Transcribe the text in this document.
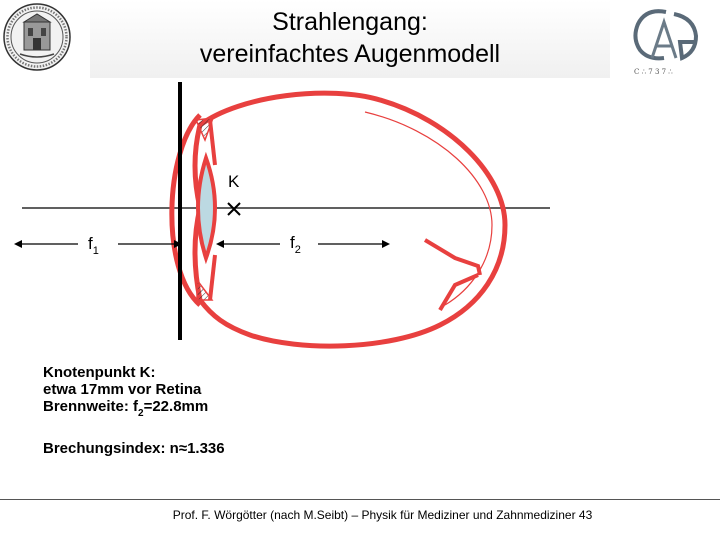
Strahlengang:
vereinfachtes Augenmodell
C ∴ 7 3 7 ∴
K
$f_1$	$f_2$
Knotenpunkt K:
etwa 17mm vor Retina
Brennweite: $f_2=22.8mm$
Brechungsindex: n≈1.336
Prof. F. Wörgötter (nach M.Seibt) – Physik für Mediziner und Zahnmediziner 43
